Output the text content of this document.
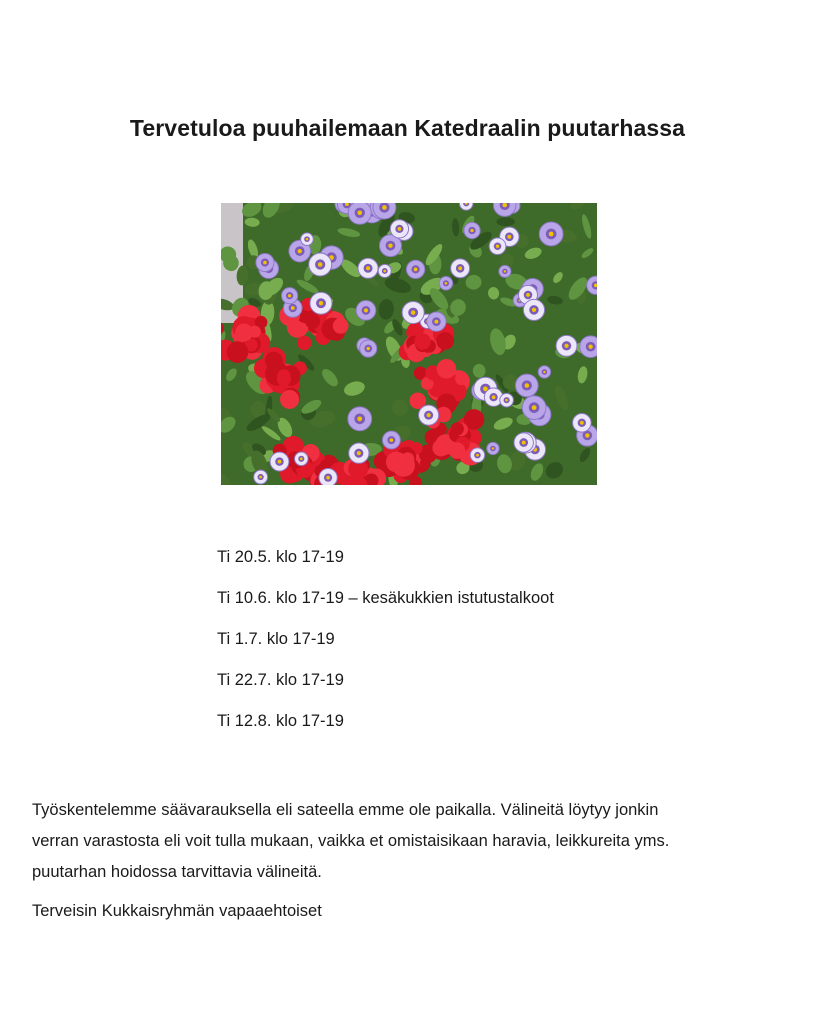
Tervetuloa puuhailemaan Katedraalin puutarhassa
Ti 20.5. klo 17-19
Ti 10.6. klo 17-19 – kesäkukkien istutustalkoot
Ti 1.7. klo 17-19
Ti 22.7. klo 17-19
Ti 12.8. klo 17-19

Työskentelemme säävarauksella eli sateella emme ole paikalla. Välineitä löytyy jonkin
verran varastosta eli voit tulla mukaan, vaikka et omistaisikaan haravia, leikkureita yms.
puutarhan hoidossa tarvittavia välineitä.

Terveisin Kukkaisryhmän vapaaehtoiset
